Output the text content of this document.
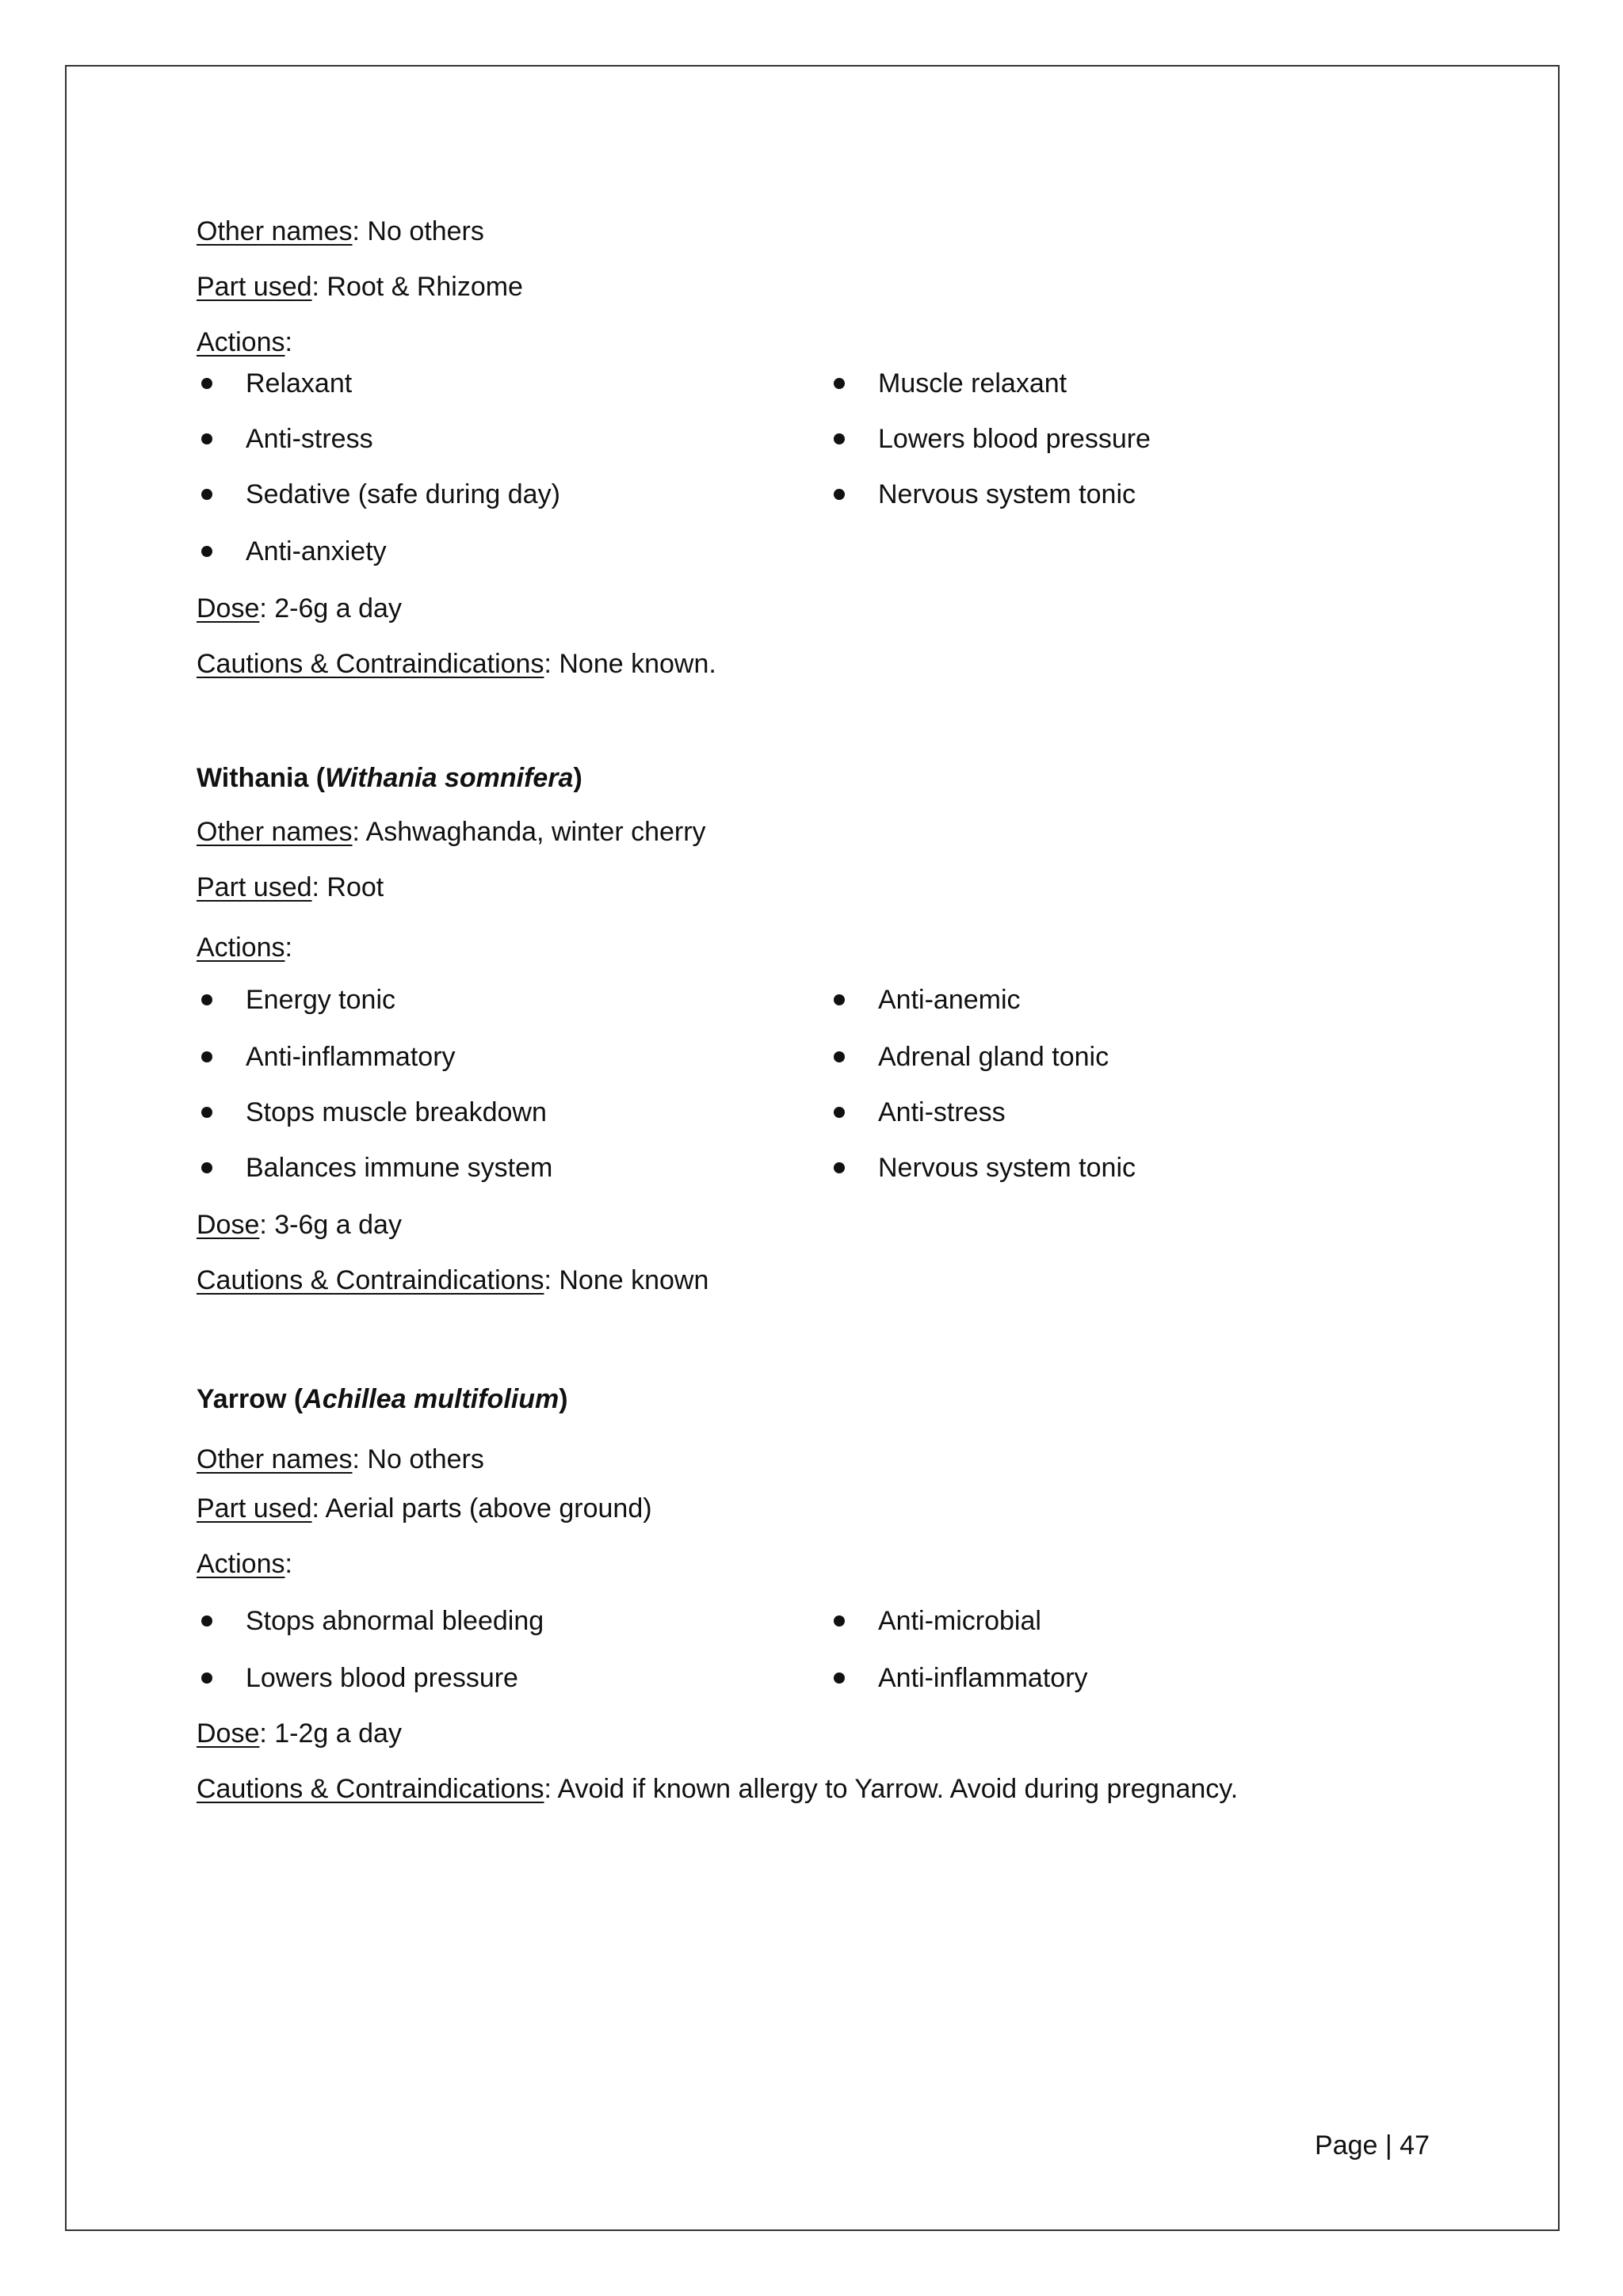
Other names: No others
Part used: Root & Rhizome
Actions:
Relaxant
Anti-stress
Sedative (safe during day)
Anti-anxiety
Muscle relaxant
Lowers blood pressure
Nervous system tonic
Dose: 2-6g a day
Cautions & Contraindications: None known.
Withania (Withania somnifera)
Other names: Ashwaghanda, winter cherry
Part used: Root
Actions:
Energy tonic
Anti-inflammatory
Stops muscle breakdown
Balances immune system
Anti-anemic
Adrenal gland tonic
Anti-stress
Nervous system tonic
Dose: 3-6g a day
Cautions & Contraindications: None known
Yarrow (Achillea multifolium)
Other names: No others
Part used: Aerial parts (above ground)
Actions:
Stops abnormal bleeding
Lowers blood pressure
Anti-microbial
Anti-inflammatory
Dose: 1-2g a day
Cautions & Contraindications: Avoid if known allergy to Yarrow. Avoid during pregnancy.
Page | 47
